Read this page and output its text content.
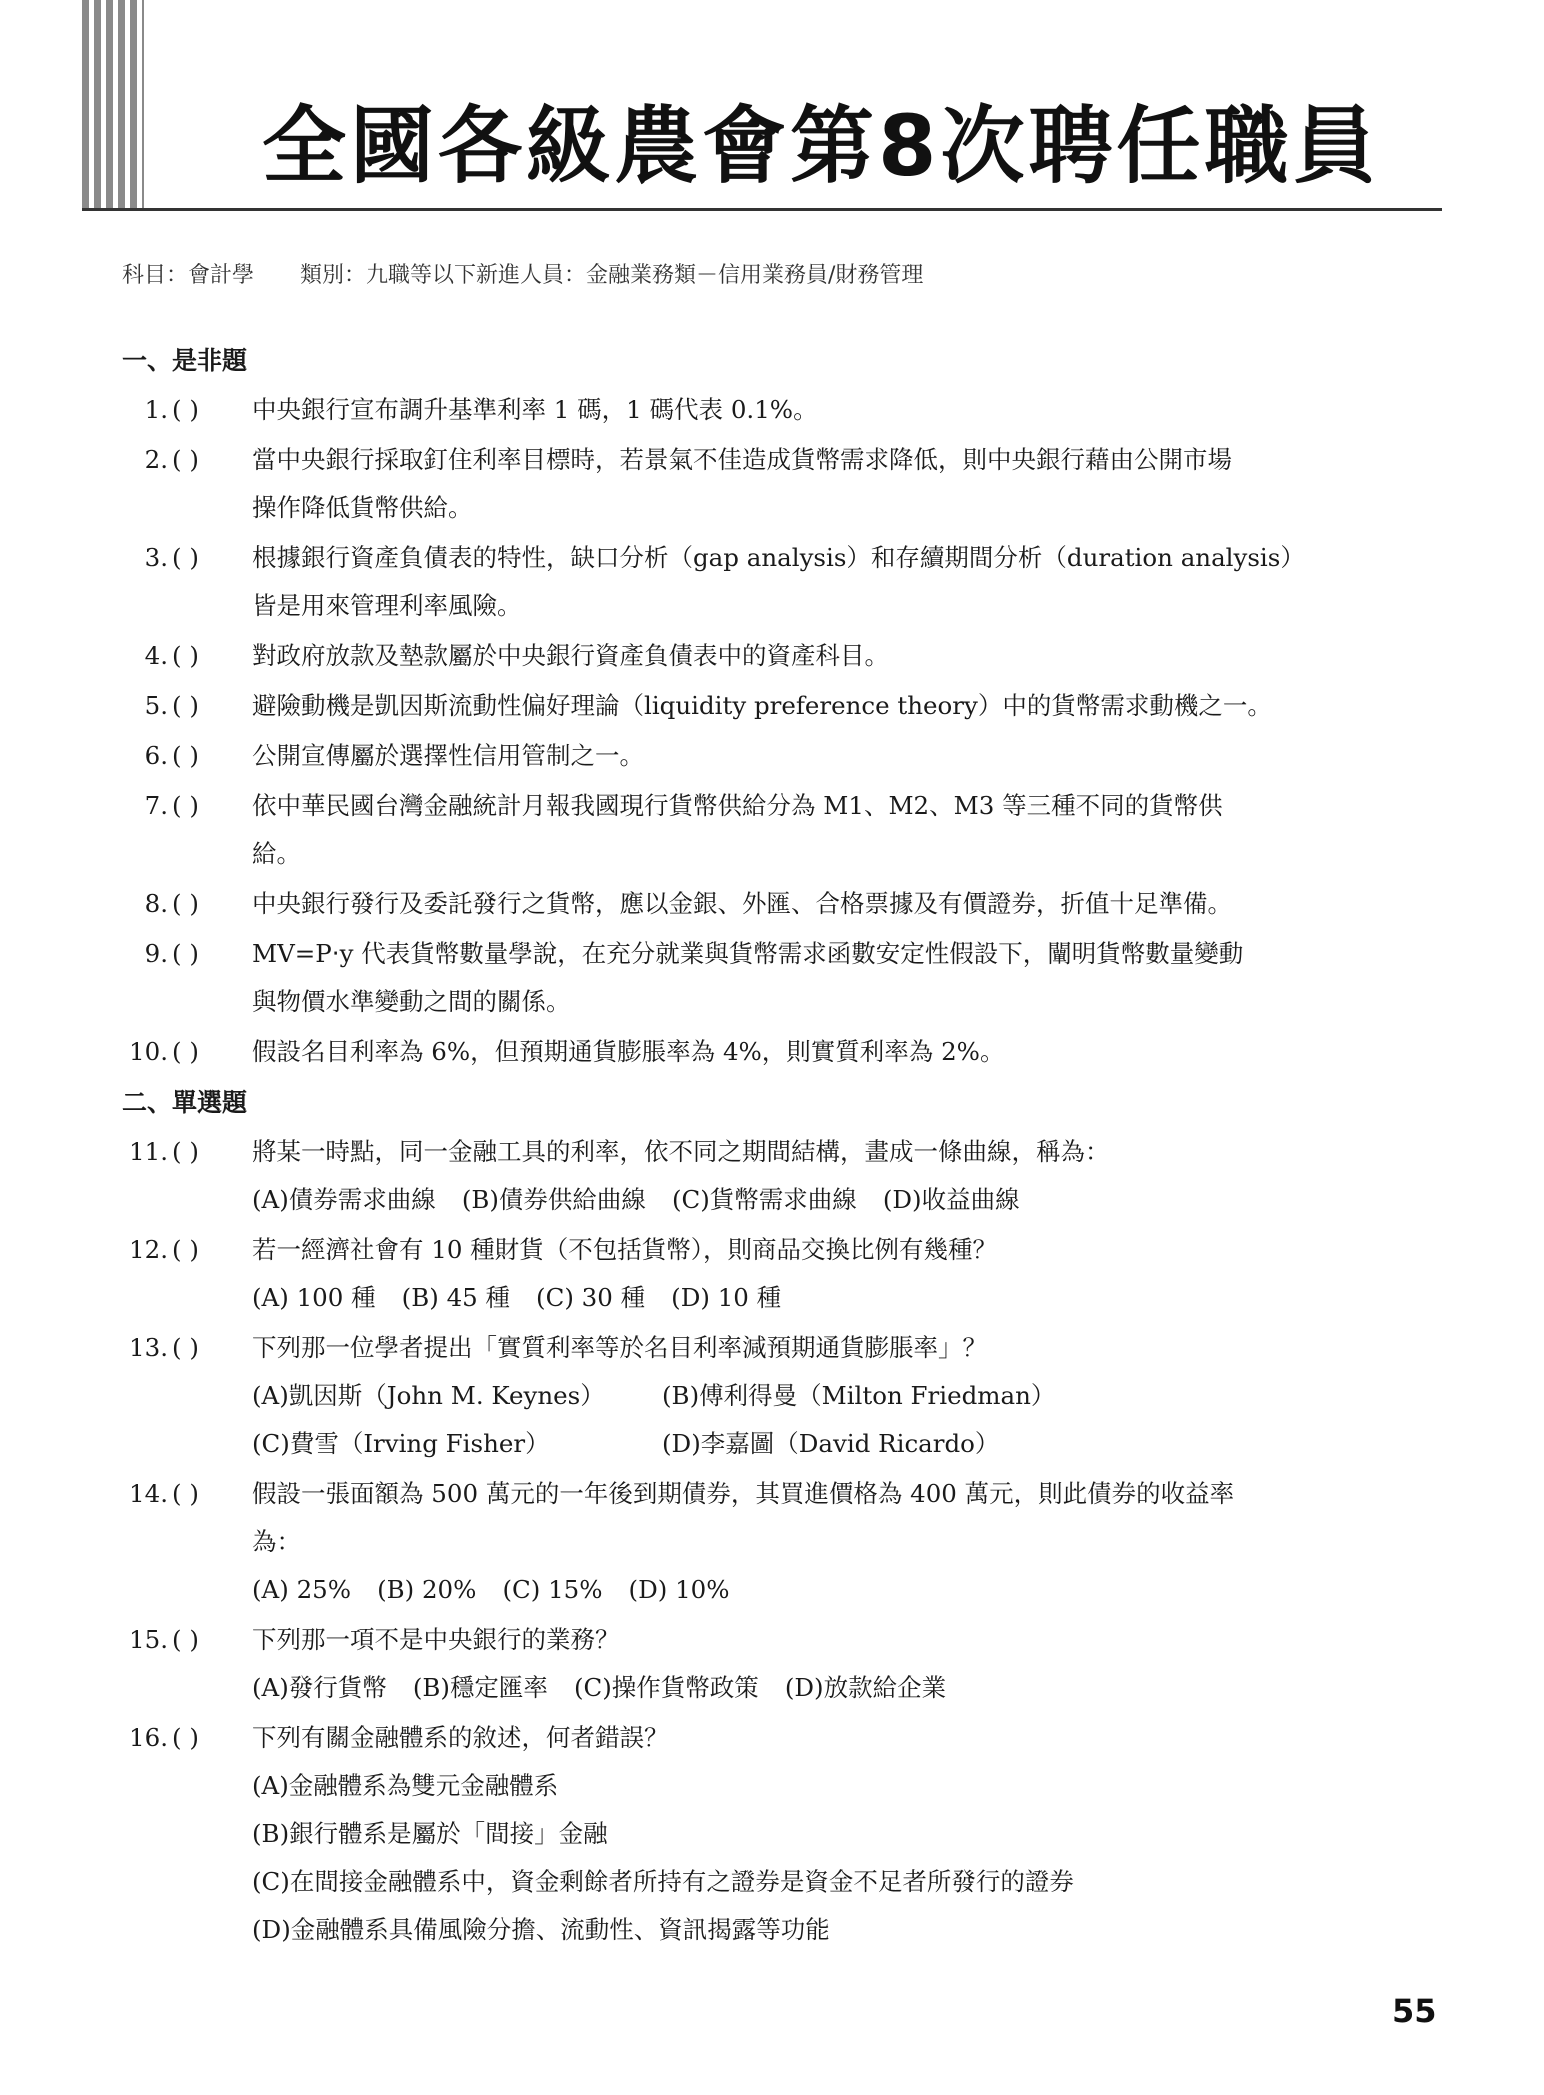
全國各級農會第8次聘任職員
科目：會計學 類別：九職等以下新進人員：金融業務類－信用業務員/財務管理
一、是非題
1. ( )	中央銀行宣布調升基準利率 1 碼，1 碼代表 0.1%。
2. ( )	當中央銀行採取釘住利率目標時，若景氣不佳造成貨幣需求降低，則中央銀行藉由公開市場
操作降低貨幣供給。
3. ( )	根據銀行資產負債表的特性，缺口分析（gap analysis）和存續期間分析（duration analysis）
皆是用來管理利率風險。
4. ( )	對政府放款及墊款屬於中央銀行資產負債表中的資產科目。
5. ( )	避險動機是凱因斯流動性偏好理論（liquidity preference theory）中的貨幣需求動機之一。
6. ( )	公開宣傳屬於選擇性信用管制之一。
7. ( )	依中華民國台灣金融統計月報我國現行貨幣供給分為 M1、M2、M3 等三種不同的貨幣供
給。
8. ( )	中央銀行發行及委託發行之貨幣，應以金銀、外匯、合格票據及有價證券，折值十足準備。
9. ( )	MV=P‧y 代表貨幣數量學說，在充分就業與貨幣需求函數安定性假設下，闡明貨幣數量變動
與物價水準變動之間的關係。
10. ( )	假設名目利率為 6%，但預期通貨膨脹率為 4%，則實質利率為 2%。
二、單選題
11. ( )	將某一時點，同一金融工具的利率，依不同之期間結構，畫成一條曲線，稱為：
(A)債券需求曲線 (B)債券供給曲線 (C)貨幣需求曲線 (D)收益曲線
12. ( )	若一經濟社會有 10 種財貨（不包括貨幣），則商品交換比例有幾種？
(A) 100 種 (B) 45 種 (C) 30 種 (D) 10 種
13. ( )	下列那一位學者提出「實質利率等於名目利率減預期通貨膨脹率」？
(A)凱因斯（John M. Keynes）	(B)傅利得曼（Milton Friedman）
(C)費雪（Irving Fisher）	(D)李嘉圖（David Ricardo）
14. ( )	假設一張面額為 500 萬元的一年後到期債券，其買進價格為 400 萬元，則此債券的收益率
為：
(A) 25% (B) 20% (C) 15% (D) 10%
15. ( )	下列那一項不是中央銀行的業務？
(A)發行貨幣 (B)穩定匯率 (C)操作貨幣政策 (D)放款給企業
16. ( )	下列有關金融體系的敘述，何者錯誤？
(A)金融體系為雙元金融體系
(B)銀行體系是屬於「間接」金融
(C)在間接金融體系中，資金剩餘者所持有之證券是資金不足者所發行的證券
(D)金融體系具備風險分擔、流動性、資訊揭露等功能
55
